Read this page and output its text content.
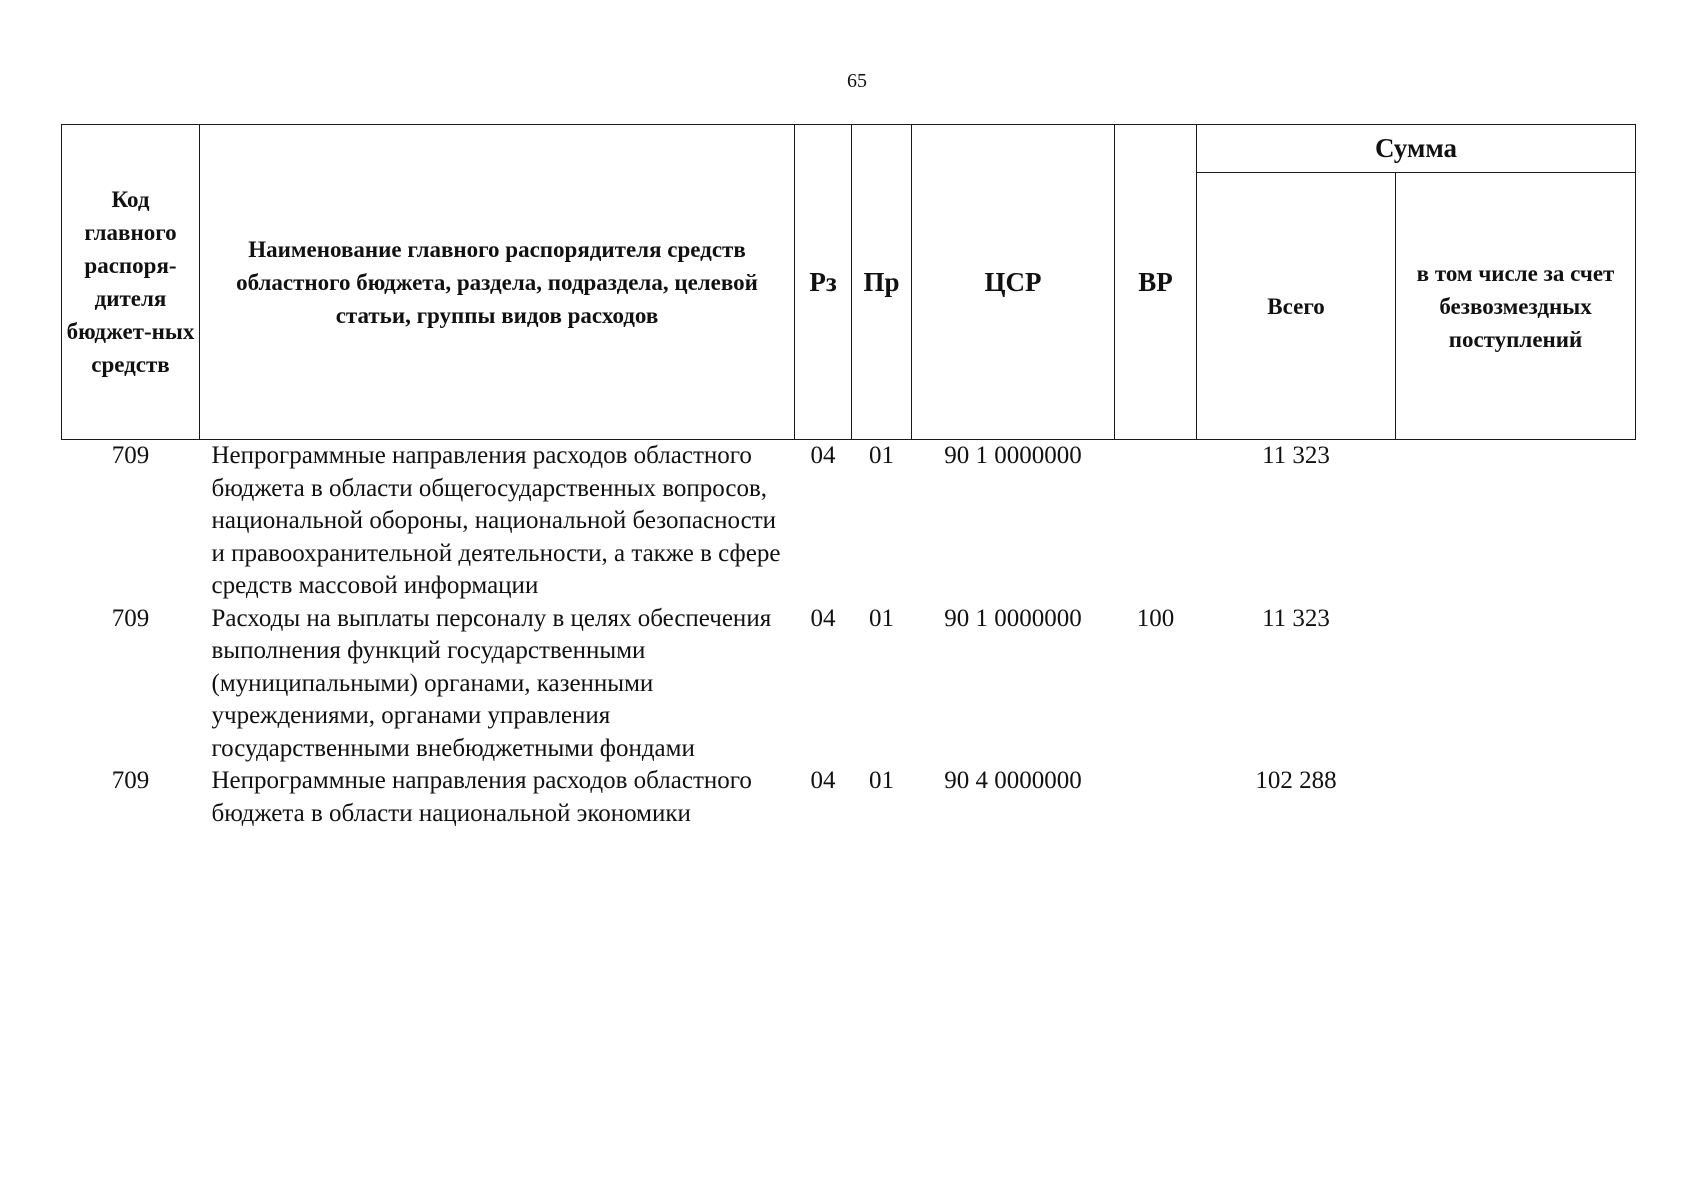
65
Код главного распоря-дителя бюджет-ных средств	Наименование главного распорядителя средств областного бюджета, раздела, подраздела, целевой статьи, группы видов расходов	Рз	Пр	ЦСР	ВР	Сумма	
						Всего	в том числе за счет безвозмездных поступлений
709	Непрограммные направления расходов областного бюджета в области общегосударственных вопросов, национальной обороны, национальной безопасности и правоохранительной деятельности, а также в сфере средств массовой информации	04	01	90 1 0000000		11 323	
709	Расходы на выплаты персоналу в целях обеспечения выполнения функций государственными (муниципальными) органами, казенными учреждениями, органами управления государственными внебюджетными фондами	04	01	90 1 0000000	100	11 323	
709	Непрограммные направления расходов областного бюджета в области национальной экономики	04	01	90 4 0000000		102 288	
